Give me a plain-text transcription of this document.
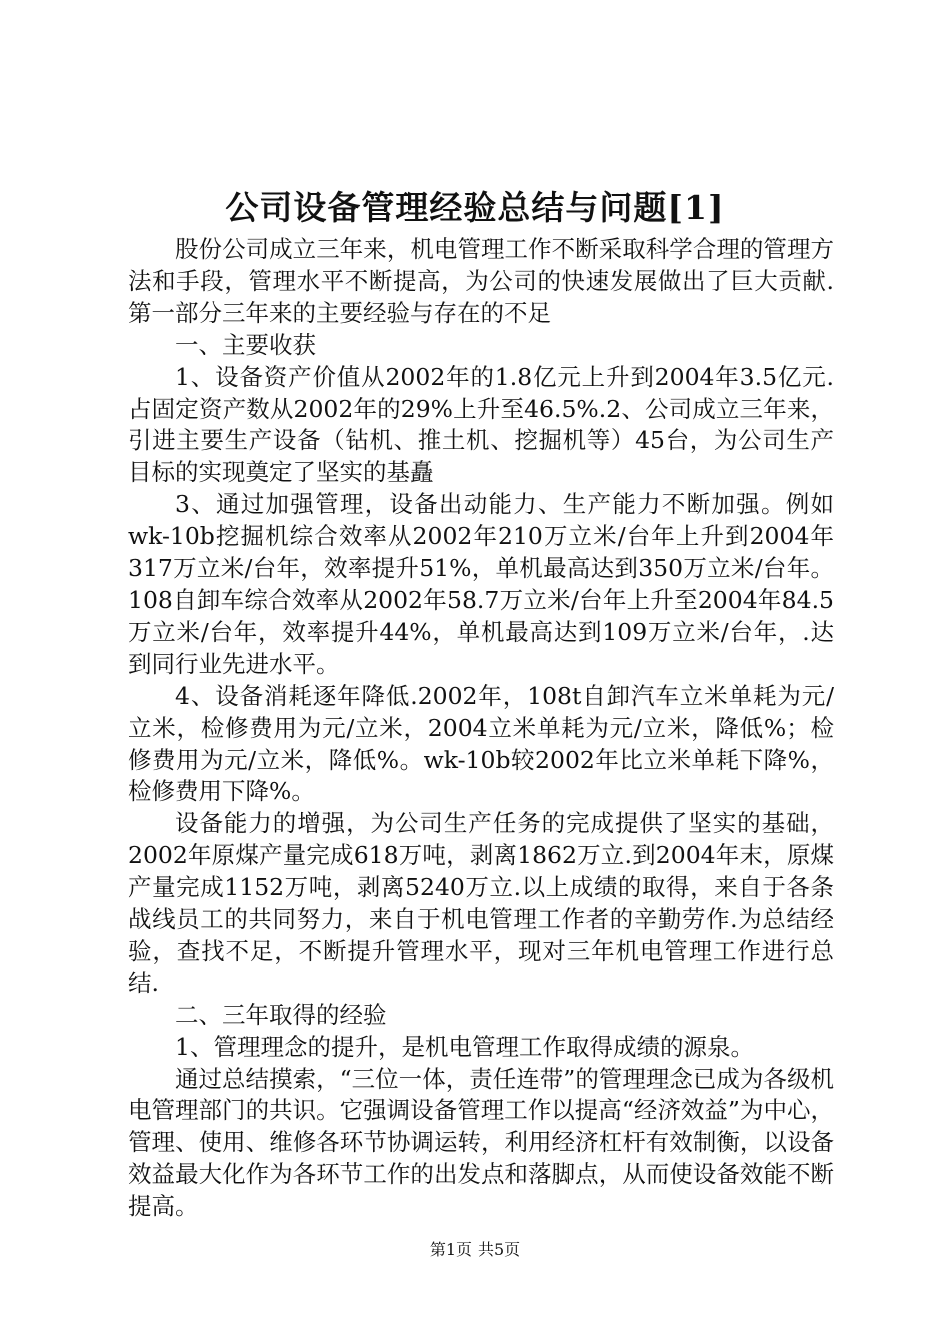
公司设备管理经验总结与问题[1]

股份公司成立三年来，机电管理工作不断采取科学合理的管理方法和手段，管理水平不断提高，为公司的快速发展做出了巨大贡献.第一部分三年来的主要经验与存在的不足

一、主要收获

1、设备资产价值从2002年的1.8亿元上升到2004年3.5亿元.占固定资产数从2002年的29%上升至46.5%.2、公司成立三年来，引进主要生产设备（钻机、推土机、挖掘机等）45台，为公司生产目标的实现奠定了坚实的基矗

3、通过加强管理，设备出动能力、生产能力不断加强。例如wk-10b挖掘机综合效率从2002年210万立米/台年上升到2004年317万立米/台年，效率提升51%，单机最高达到350万立米/台年。108自卸车综合效率从2002年58.7万立米/台年上升至2004年84.5万立米/台年，效率提升44%，单机最高达到109万立米/台年，.达到同行业先进水平。

4、设备消耗逐年降低.2002年，108t自卸汽车立米单耗为元/立米，检修费用为元/立米，2004立米单耗为元/立米，降低%；检修费用为元/立米，降低%。wk-10b较2002年比立米单耗下降%，检修费用下降%。

设备能力的增强，为公司生产任务的完成提供了坚实的基础，2002年原煤产量完成618万吨，剥离1862万立.到2004年末，原煤产量完成1152万吨，剥离5240万立.以上成绩的取得，来自于各条战线员工的共同努力，来自于机电管理工作者的辛勤劳作.为总结经验，查找不足，不断提升管理水平，现对三年机电管理工作进行总结.

二、三年取得的经验

1、管理理念的提升，是机电管理工作取得成绩的源泉。

通过总结摸索，“三位一体，责任连带”的管理理念已成为各级机电管理部门的共识。它强调设备管理工作以提高“经济效益”为中心，管理、使用、维修各环节协调运转，利用经济杠杆有效制衡，以设备效益最大化作为各环节工作的出发点和落脚点，从而使设备效能不断提高。

第1页 共5页
